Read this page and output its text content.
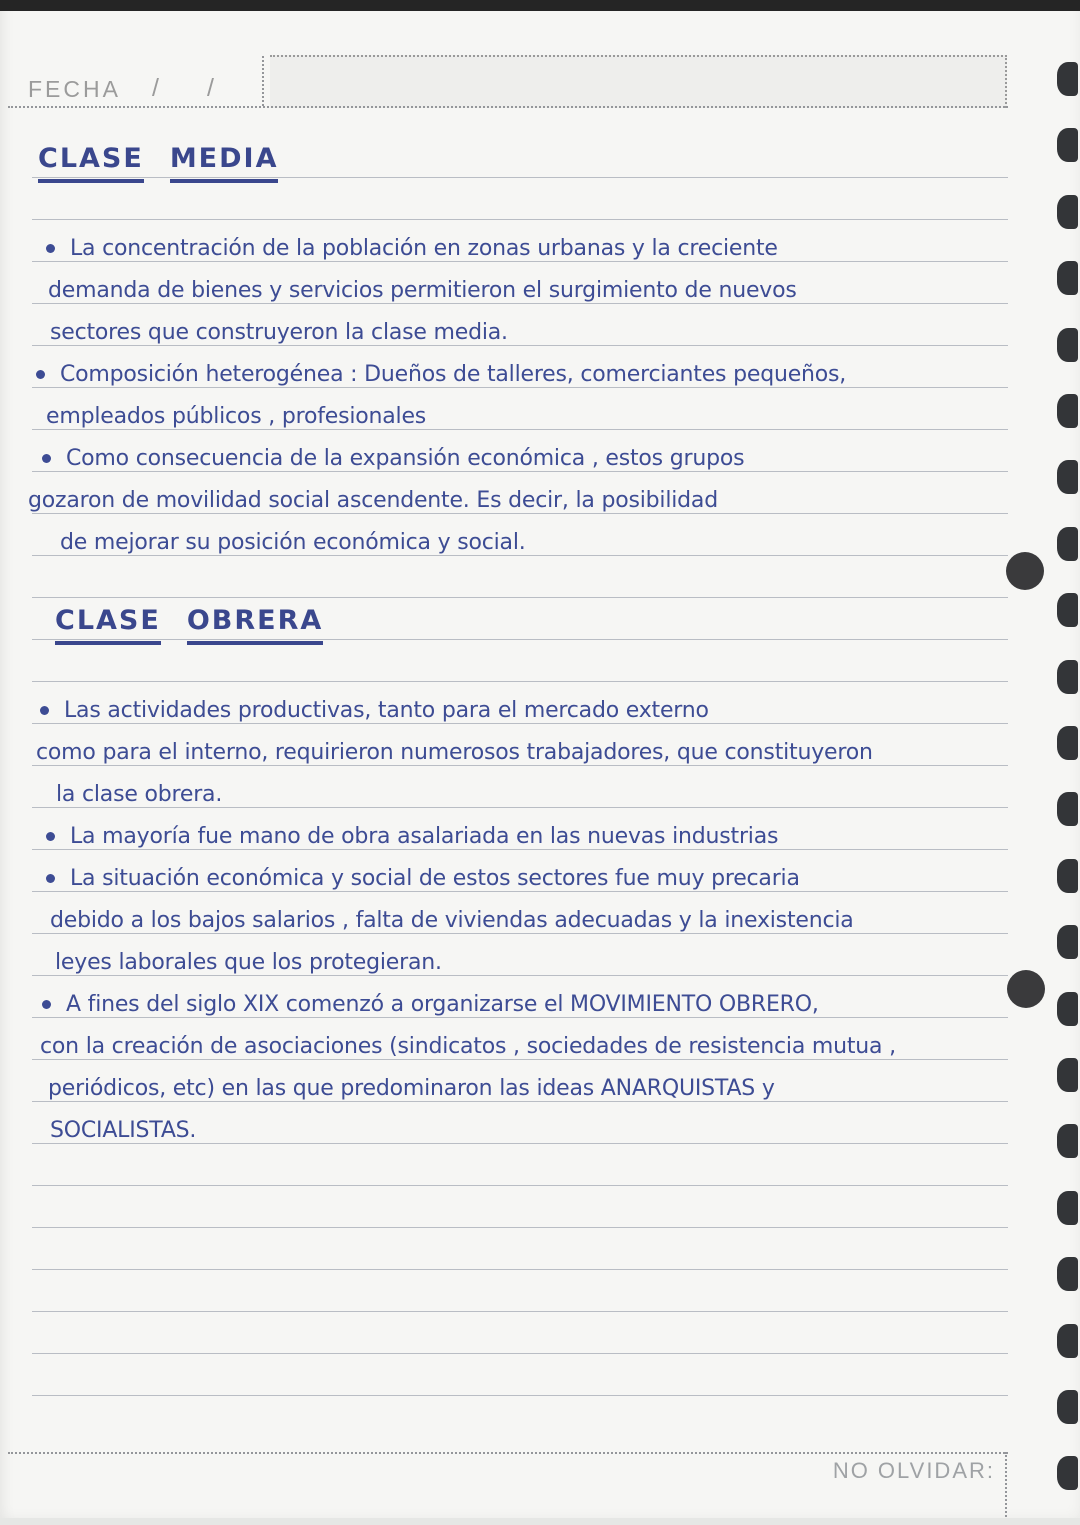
FECHA / /
CLASE MEDIA
La concentración de la población en zonas urbanas y la creciente
demanda de bienes y servicios permitieron el surgimiento de nuevos
sectores que construyeron la clase media.
Composición heterogénea : Dueños de talleres, comerciantes pequeños,
empleados públicos , profesionales
Como consecuencia de la expansión económica , estos grupos
gozaron de movilidad social ascendente. Es decir, la posibilidad
de mejorar su posición económica y social.
CLASE OBRERA
Las actividades productivas, tanto para el mercado externo
como para el interno, requirieron numerosos trabajadores, que constituyeron
la clase obrera.
La mayoría fue mano de obra asalariada en las nuevas industrias
La situación económica y social de estos sectores fue muy precaria
debido a los bajos salarios , falta de viviendas adecuadas y la inexistencia
leyes laborales que los protegieran.
A fines del siglo XIX comenzó a organizarse el MOVIMIENTO OBRERO,
con la creación de asociaciones (sindicatos , sociedades de resistencia mutua ,
periódicos, etc) en las que predominaron las ideas ANARQUISTAS y
SOCIALISTAS.
NO OLVIDAR:
